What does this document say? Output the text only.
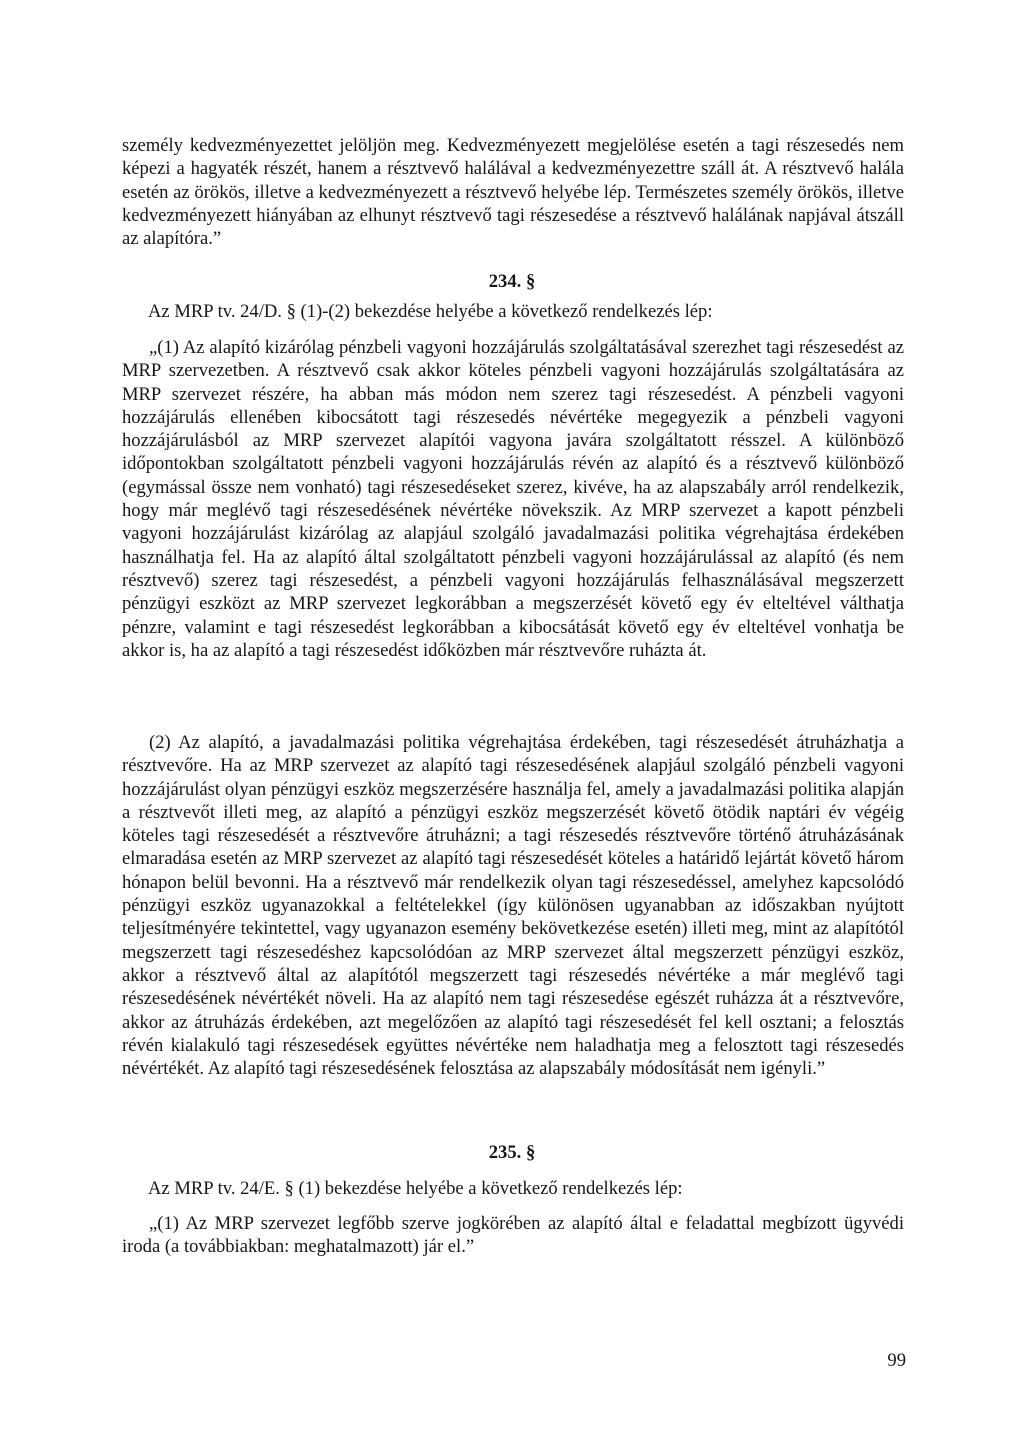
személy kedvezményezettet jelöljön meg. Kedvezményezett megjelölése esetén a tagi részesedés nem képezi a hagyaték részét, hanem a résztvevő halálával a kedvezményezettre száll át. A résztvevő halála esetén az örökös, illetve a kedvezményezett a résztvevő helyébe lép. Természetes személy örökös, illetve kedvezményezett hiányában az elhunyt résztvevő tagi részesedése a résztvevő halálának napjával átszáll az alapítóra.”

234. §

Az MRP tv. 24/D. § (1)-(2) bekezdése helyébe a következő rendelkezés lép:

„(1) Az alapító kizárólag pénzbeli vagyoni hozzájárulás szolgáltatásával szerezhet tagi részesedést az MRP szervezetben. A résztvevő csak akkor köteles pénzbeli vagyoni hozzájárulás szolgáltatására az MRP szervezet részére, ha abban más módon nem szerez tagi részesedést. A pénzbeli vagyoni hozzájárulás ellenében kibocsátott tagi részesedés névértéke megegyezik a pénzbeli vagyoni hozzájárulásból az MRP szervezet alapítói vagyona javára szolgáltatott résszel. A különböző időpontokban szolgáltatott pénzbeli vagyoni hozzájárulás révén az alapító és a résztvevő különböző (egymással össze nem vonható) tagi részesedéseket szerez, kivéve, ha az alapszabály arról rendelkezik, hogy már meglévő tagi részesedésének névértéke növekszik. Az MRP szervezet a kapott pénzbeli vagyoni hozzájárulást kizárólag az alapjául szolgáló javadalmazási politika végrehajtása érdekében használhatja fel. Ha az alapító által szolgáltatott pénzbeli vagyoni hozzájárulással az alapító (és nem résztvevő) szerez tagi részesedést, a pénzbeli vagyoni hozzájárulás felhasználásával megszerzett pénzügyi eszközt az MRP szervezet legkorábban a megszerzését követő egy év elteltével válthatja pénzre, valamint e tagi részesedést legkorábban a kibocsátását követő egy év elteltével vonhatja be akkor is, ha az alapító a tagi részesedést időközben már résztvevőre ruházta át.

(2) Az alapító, a javadalmazási politika végrehajtása érdekében, tagi részesedését átruházhatja a résztvevőre. Ha az MRP szervezet az alapító tagi részesedésének alapjául szolgáló pénzbeli vagyoni hozzájárulást olyan pénzügyi eszköz megszerzésére használja fel, amely a javadalmazási politika alapján a résztvevőt illeti meg, az alapító a pénzügyi eszköz megszerzését követő ötödik naptári év végéig köteles tagi részesedését a résztvevőre átruházni; a tagi részesedés résztvevőre történő átruházásának elmaradása esetén az MRP szervezet az alapító tagi részesedését köteles a határidő lejártát követő három hónapon belül bevonni. Ha a résztvevő már rendelkezik olyan tagi részesedéssel, amelyhez kapcsolódó pénzügyi eszköz ugyanazokkal a feltételekkel (így különösen ugyanabban az időszakban nyújtott teljesítményére tekintettel, vagy ugyanazon esemény bekövetkezése esetén) illeti meg, mint az alapítótól megszerzett tagi részesedéshez kapcsolódóan az MRP szervezet által megszerzett pénzügyi eszköz, akkor a résztvevő által az alapítótól megszerzett tagi részesedés névértéke a már meglévő tagi részesedésének névértékét növeli. Ha az alapító nem tagi részesedése egészét ruházza át a résztvevőre, akkor az átruházás érdekében, azt megelőzően az alapító tagi részesedését fel kell osztani; a felosztás révén kialakuló tagi részesedések együttes névértéke nem haladhatja meg a felosztott tagi részesedés névértékét. Az alapító tagi részesedésének felosztása az alapszabály módosítását nem igényli.”

235. §

Az MRP tv. 24/E. § (1) bekezdése helyébe a következő rendelkezés lép:

„(1) Az MRP szervezet legfőbb szerve jogkörében az alapító által e feladattal megbízott ügyvédi iroda (a továbbiakban: meghatalmazott) jár el.”

99
